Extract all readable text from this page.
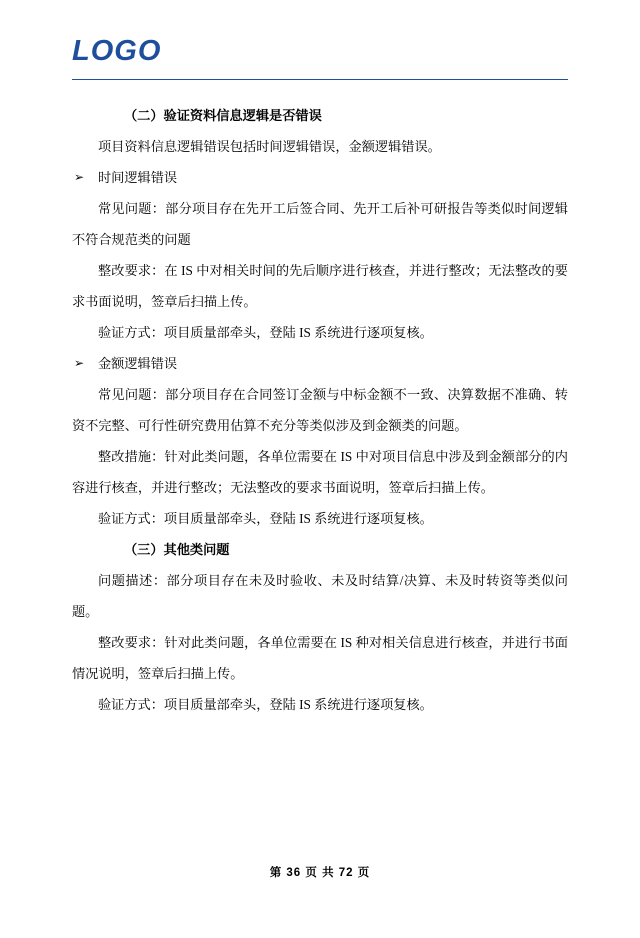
LOGO

（二）验证资料信息逻辑是否错误

项目资料信息逻辑错误包括时间逻辑错误，金额逻辑错误。

➢ 时间逻辑错误

常见问题：部分项目存在先开工后签合同、先开工后补可研报告等类似时间逻辑不符合规范类的问题

整改要求：在 IS 中对相关时间的先后顺序进行核查，并进行整改；无法整改的要求书面说明，签章后扫描上传。

验证方式：项目质量部牵头，登陆 IS 系统进行逐项复核。

➢ 金额逻辑错误

常见问题：部分项目存在合同签订金额与中标金额不一致、决算数据不准确、转资不完整、可行性研究费用估算不充分等类似涉及到金额类的问题。

整改措施：针对此类问题，各单位需要在 IS 中对项目信息中涉及到金额部分的内容进行核查，并进行整改；无法整改的要求书面说明，签章后扫描上传。

验证方式：项目质量部牵头，登陆 IS 系统进行逐项复核。

（三）其他类问题

问题描述：部分项目存在未及时验收、未及时结算/决算、未及时转资等类似问题。

整改要求：针对此类问题，各单位需要在 IS 种对相关信息进行核查，并进行书面情况说明，签章后扫描上传。

验证方式：项目质量部牵头，登陆 IS 系统进行逐项复核。

第 36 页 共 72 页
